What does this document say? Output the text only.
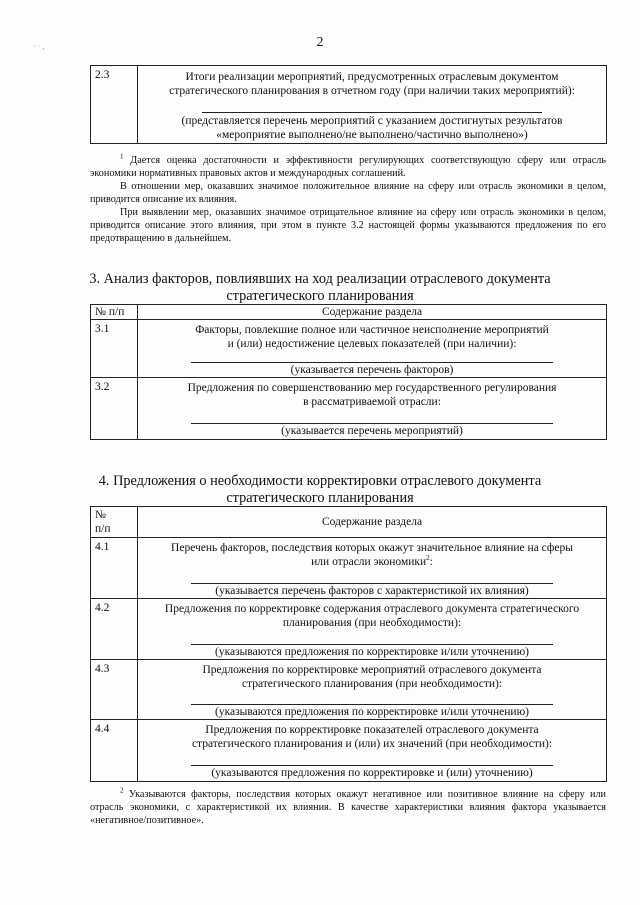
· · ,	2
2.3	Итоги реализации мероприятий, предусмотренных отраслевым документом
стратегического планирования в отчетном году (при наличии таких мероприятий):
(представляется перечень мероприятий с указанием достигнутых результатов
«мероприятие выполнено/не выполнено/частично выполнено»)

$^1$ Дается оценка достаточности и эффективности регулирующих соответствующую сферу или отрасль экономики нормативных правовых актов и международных соглашений.

В отношении мер, оказавших значимое положительное влияние на сферу или отрасль экономики в целом, приводится описание их влияния.

При выявлении мер, оказавших значимое отрицательное влияние на сферу или отрасль экономики в целом, приводится описание этого влияния, при этом в пункте 3.2 настоящей формы указываются предложения по его предотвращению в дальнейшем.

3. Анализ факторов, повлиявших на ход реализации отраслевого документа
стратегического планирования
№ п/п	Содержание раздела
3.1	Факторы, повлекшие полное или частичное неисполнение мероприятий
и (или) недостижение целевых показателей (при наличии):
(указывается перечень факторов)

3.2	Предложения по совершенствованию мер государственного регулирования
в рассматриваемой отрасли:
(указывается перечень мероприятий)
4. Предложения о необходимости корректировки отраслевого документа
стратегического планирования
№
п/п	Содержание раздела
4.1	Перечень факторов, последствия которых окажут значительное влияние на сферы
или отрасли экономики$^2$:
(указывается перечень факторов с характеристикой их влияния)

4.2	Предложения по корректировке содержания отраслевого документа стратегического
планирования (при необходимости):
(указываются предложения по корректировке и/или уточнению)

4.3	Предложения по корректировке мероприятий отраслевого документа
стратегического планирования (при необходимости):
(указываются предложения по корректировке и/или уточнению)

4.4	Предложения по корректировке показателей отраслевого документа
стратегического планирования и (или) их значений (при необходимости):
(указываются предложения по корректировке и (или) уточнению)

$^2$ Указываются факторы, последствия которых окажут негативное или позитивное влияние на сферу или отрасль экономики, с характеристикой их влияния. В качестве характеристики влияния фактора указывается «негативное/позитивное».
